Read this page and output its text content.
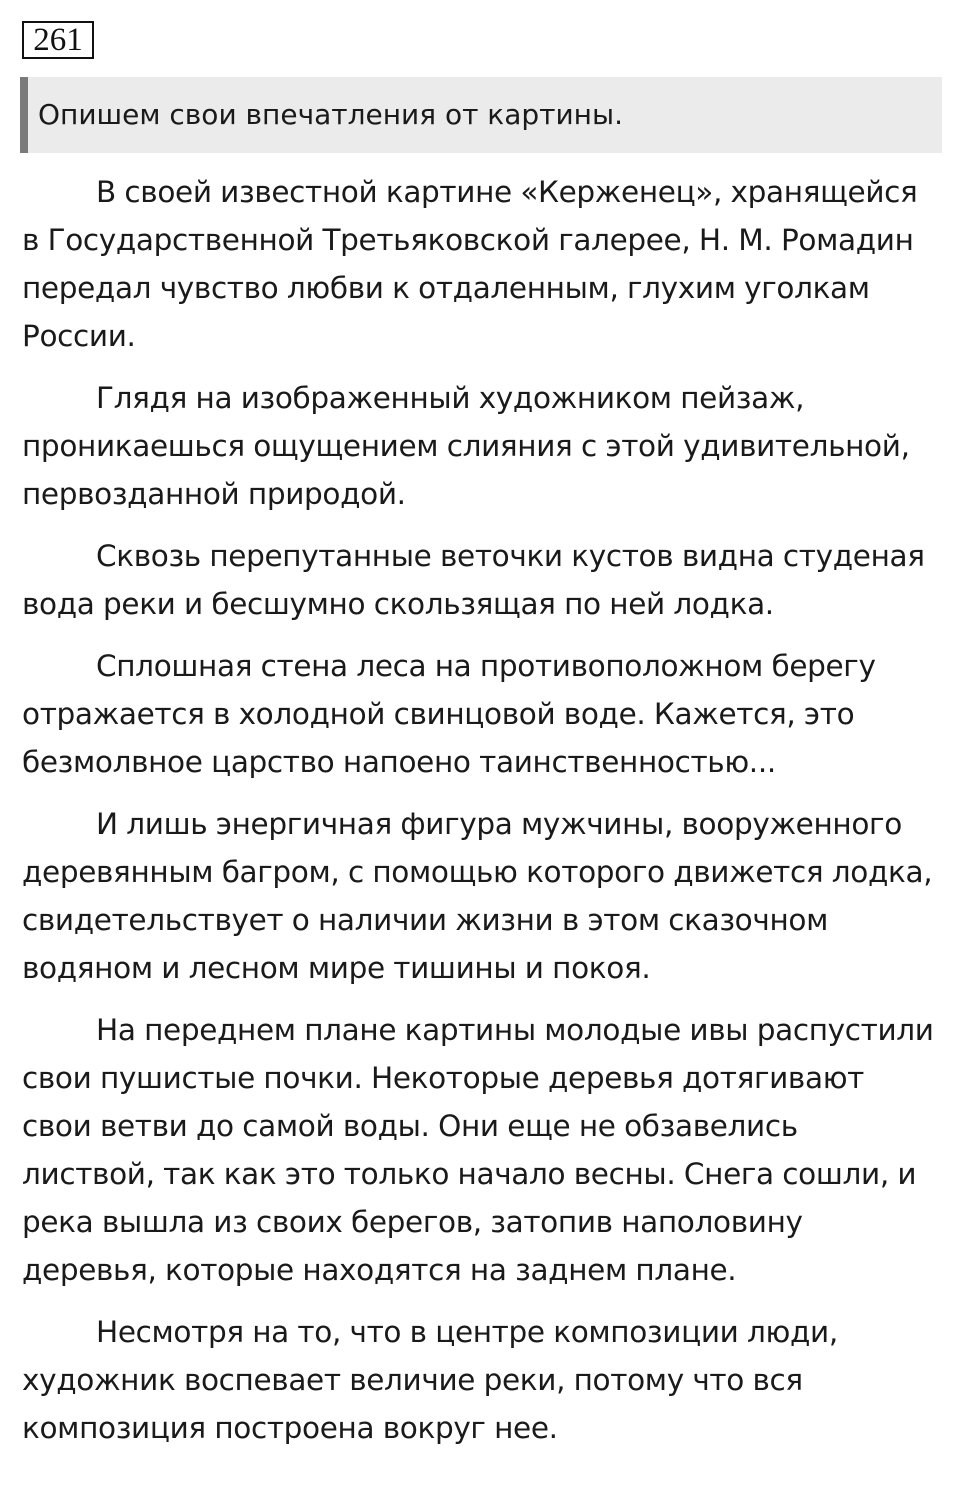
261
Опишем свои впечатления от картины.

В своей известной картине «Керженец», хранящейся в Государственной Третьяковской галерее, Н. М. Ромадин передал чувство любви к отдаленным, глухим уголкам России.

Глядя на изображенный художником пейзаж, проникаешься ощущением слияния с этой удивительной, первозданной природой.

Сквозь перепутанные веточки кустов видна студеная вода реки и бесшумно скользящая по ней лодка.

Сплошная стена леса на противоположном берегу отражается в холодной свинцовой воде. Кажется, это безмолвное царство напоено таинственностью...

И лишь энергичная фигура мужчины, вооруженного деревянным багром, с помощью которого движется лодка, свидетельствует о наличии жизни в этом сказочном водяном и лесном мире тишины и покоя.

На переднем плане картины молодые ивы распустили свои пушистые почки. Некоторые деревья дотягивают свои ветви до самой воды. Они еще не обзавелись листвой, так как это только начало весны. Снега сошли, и река вышла из своих берегов, затопив наполовину деревья, которые находятся на заднем плане.

Несмотря на то, что в центре композиции люди, художник воспевает величие реки, потому что вся композиция построена вокруг нее.
